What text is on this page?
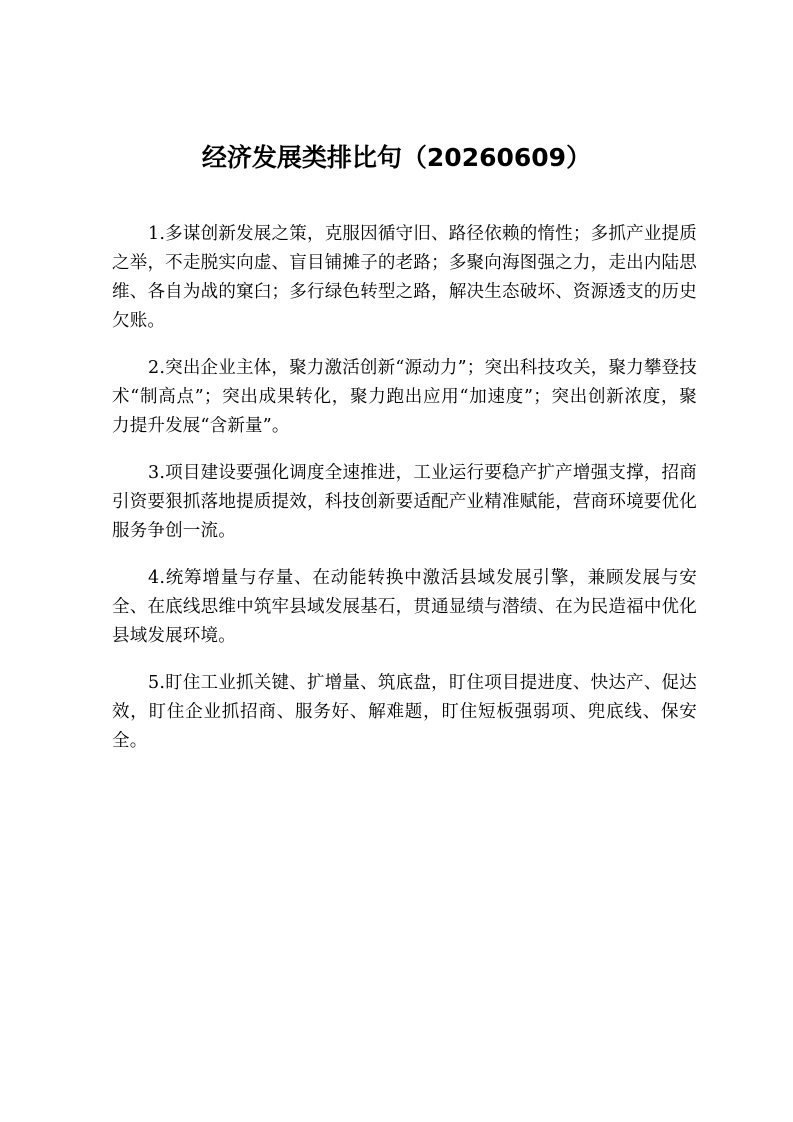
经济发展类排比句（20260609）

1.多谋创新发展之策，克服因循守旧、路径依赖的惰性；多抓产业提质之举，不走脱实向虚、盲目铺摊子的老路；多聚向海图强之力，走出内陆思维、各自为战的窠臼；多行绿色转型之路，解决生态破坏、资源透支的历史欠账。

2.突出企业主体，聚力激活创新“源动力”；突出科技攻关，聚力攀登技术“制高点”；突出成果转化，聚力跑出应用“加速度”；突出创新浓度，聚力提升发展“含新量”。

3.项目建设要强化调度全速推进，工业运行要稳产扩产增强支撑，招商引资要狠抓落地提质提效，科技创新要适配产业精准赋能，营商环境要优化服务争创一流。

4.统筹增量与存量、在动能转换中激活县域发展引擎，兼顾发展与安全、在底线思维中筑牢县域发展基石，贯通显绩与潜绩、在为民造福中优化县域发展环境。

5.盯住工业抓关键、扩增量、筑底盘，盯住项目提进度、快达产、促达效，盯住企业抓招商、服务好、解难题，盯住短板强弱项、兜底线、保安全。
